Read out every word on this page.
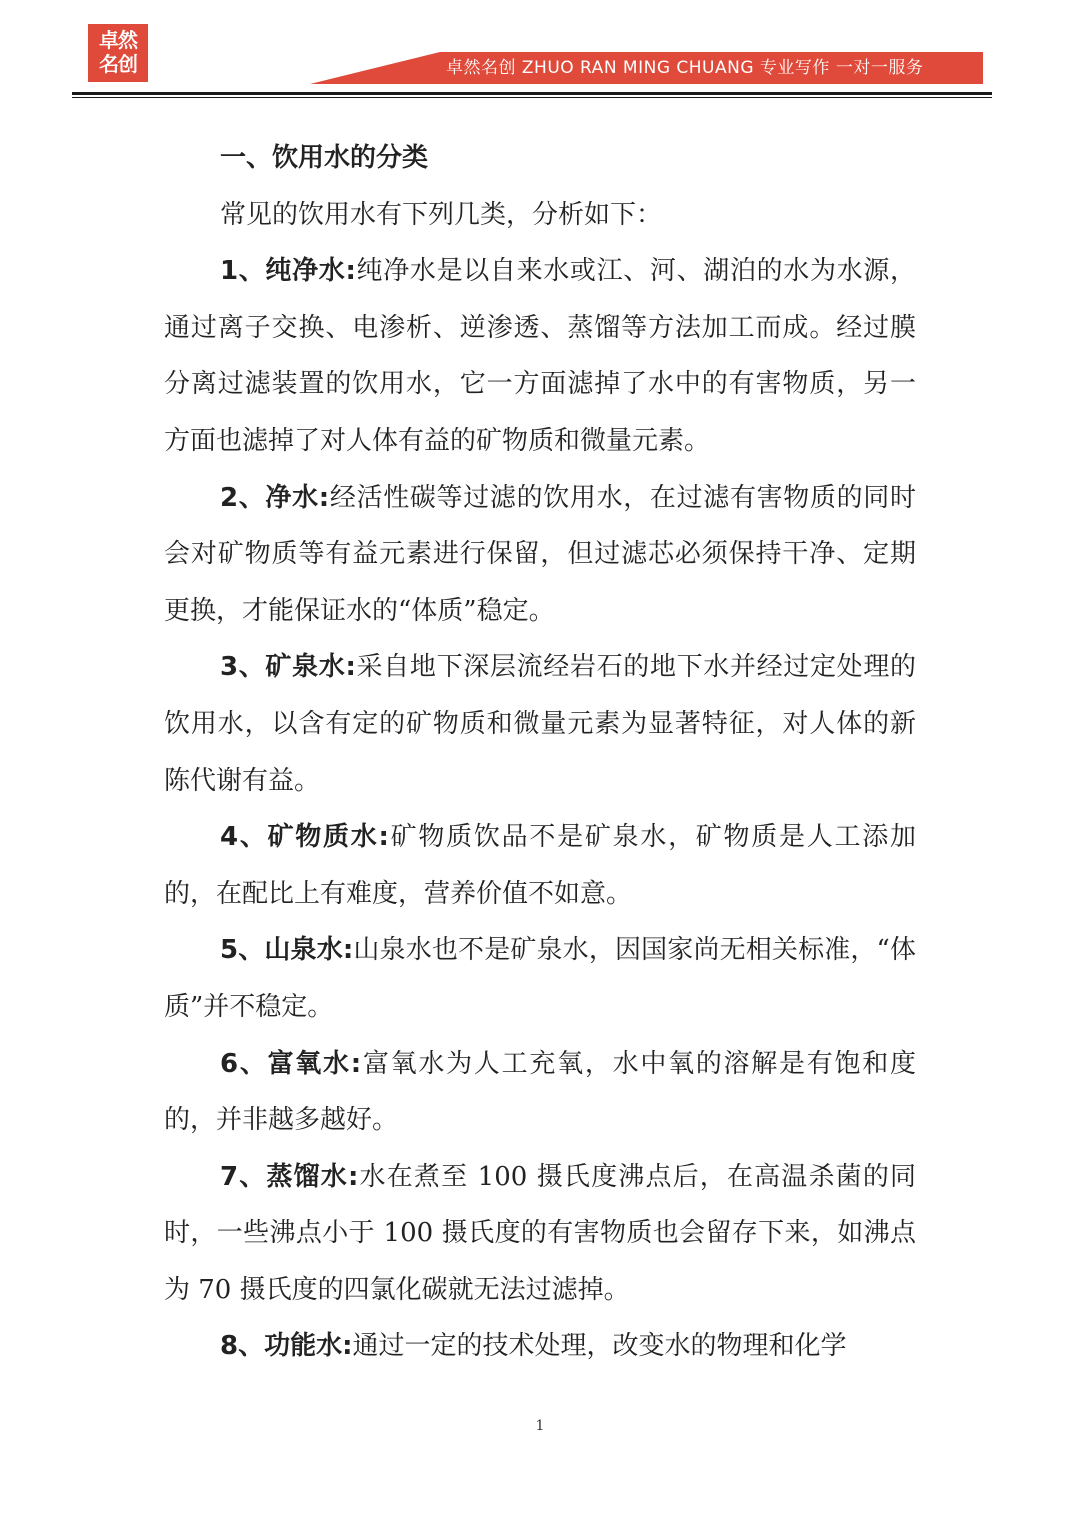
卓然
名创	卓然名创 ZHUO RAN MING CHUANG 专业写作 一对一服务

一、饮用水的分类

常见的饮用水有下列几类，分析如下：

1、纯净水:纯净水是以自来水或江、河、湖泊的水为水源，通过离子交换、电渗析、逆渗透、蒸馏等方法加工而成。经过膜分离过滤装置的饮用水，它一方面滤掉了水中的有害物质，另一方面也滤掉了对人体有益的矿物质和微量元素。

2、净水:经活性碳等过滤的饮用水，在过滤有害物质的同时会对矿物质等有益元素进行保留，但过滤芯必须保持干净、定期更换，才能保证水的“体质”稳定。

3、矿泉水:采自地下深层流经岩石的地下水并经过定处理的饮用水，以含有定的矿物质和微量元素为显著特征，对人体的新陈代谢有益。

4、矿物质水:矿物质饮品不是矿泉水，矿物质是人工添加的，在配比上有难度，营养价值不如意。

5、山泉水:山泉水也不是矿泉水，因国家尚无相关标准，“体质”并不稳定。

6、富氧水:富氧水为人工充氧，水中氧的溶解是有饱和度的，并非越多越好。

7、蒸馏水:水在煮至 100 摄氏度沸点后，在高温杀菌的同时，一些沸点小于 100 摄氏度的有害物质也会留存下来，如沸点为 70 摄氏度的四氯化碳就无法过滤掉。

8、功能水:通过一定的技术处理，改变水的物理和化学

1
